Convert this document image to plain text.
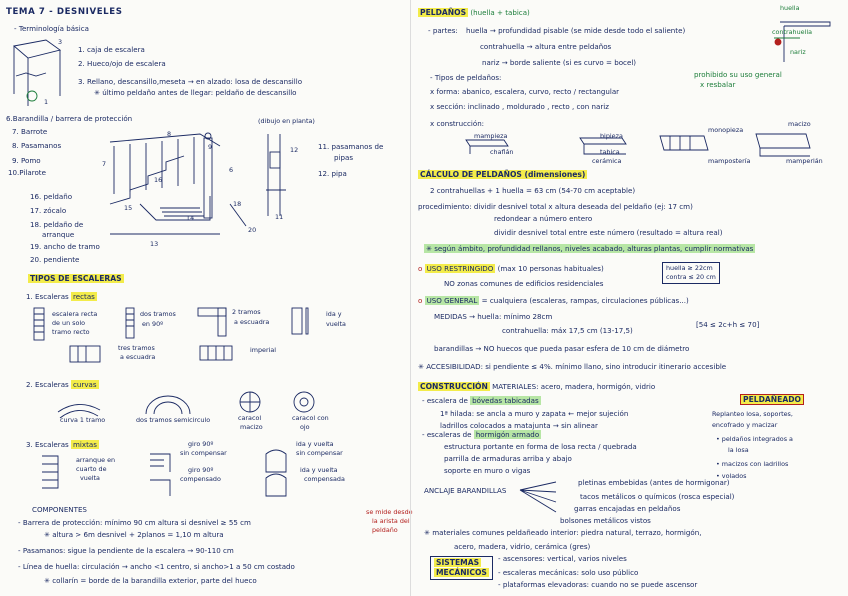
TEMA 7 - DESNIVELES
- Terminología básica
3
1
1. caja de escalera
2. Hueco/ojo de escalera
3. Rellano, descansillo,meseta → en alzado: losa de descansillo
✳ último peldaño antes de llegar: peldaño de descansillo
6.Barandilla / barrera de protección
7. Barrote
8. Pasamanos
9. Pomo
10.Pilarote
(dibujo en planta)
8
9
7
16
6
15
14
18
13
20
12
11
11. pasamanos de
pipas
12. pipa
16. peldaño
17. zócalo
18. peldaño de
arranque
19. ancho de tramo
20. pendiente
TIPOS DE ESCALERAS
1. Escaleras rectas
escalera recta
de un solo
tramo recto
dos tramos
en 90º
2 tramos
a escuadra
ida y
vuelta
tres tramos
a escuadra
imperial
2. Escaleras curvas
curva 1 tramo	dos tramos semicirculo	caracol
macizo
caracol con
ojo
3. Escaleras mixtas
arranque en
cuarto de
vuelta
giro 90º
sin compensar
giro 90º
compensado
ida y vuelta
sin compensar
ida y vuelta
compensada
COMPONENTES
- Barrera de protección: mínimo 90 cm altura si desnivel ≥ 55 cm
✳ altura > 6m desnivel + 2planos = 1,10 m altura
- Pasamanos: sigue la pendiente de la escalera → 90-110 cm
- Línea de huella: circulación → ancho <1 centro, si ancho>1 a 50 cm costado
✳ collarín = borde de la barandilla exterior, parte del hueco
se mide desde
la arista del
peldaño
PELDAÑOS (huella + tabica)	huella
contrahuella
nariz
- partes: huella → profundidad pisable (se mide desde todo el saliente)
contrahuella → altura entre peldaños
nariz → borde saliente (si es curvo = bocel)
prohibido su uso general
x resbalar
- Tipos de peldaños:
x forma: abanico, escalera, curvo, recto / rectangular
x sección: inclinado , moldurado , recto , con nariz
x construcción:
mampieza
chaflán
bipieza
tabica
cerámica
monopieza
mampostería
macizo
mamperlán
CÁLCULO DE PELDAÑOS (dimensiones)
2 contrahuellas + 1 huella = 63 cm (54-70 cm aceptable)
procedimiento: dividir desnivel total x altura deseada del peldaño (ej: 17 cm)
redondear a número entero
dividir desnivel total entre este número (resultado = altura real)
✳ según ámbito, profundidad rellanos, niveles acabado, alturas plantas, cumplir normativas
o USO RESTRINGIDO (max 10 personas habituales)	huella ≥ 22cm
contra ≤ 20 cm
NO zonas comunes de edificios residenciales
o USO GENERAL = cualquiera (escaleras, rampas, circulaciones públicas...)
MEDIDAS → huella: mínimo 28cm
contrahuella: máx 17,5 cm (13-17,5)
[54 ≤ 2c+h ≤ 70]
barandillas → NO huecos que pueda pasar esfera de 10 cm de diámetro
✳ ACCESIBILIDAD: si pendiente ≤ 4%. mínimo llano, sino introducir itinerario accesible
CONSTRUCCIÓN MATERIALES: acero, madera, hormigón, vidrio
- escalera de bóvedas tabicadas
1ª hilada: se ancla a muro y zapata ← mejor sujeción
ladrillos colocados a matajunta → sin alinear
- escaleras de hormigón armado
estructura portante en forma de losa recta / quebrada
parrilla de armaduras arriba y abajo
soporte en muro o vigas
PELDAÑEADO
Replanteo losa, soportes,
encofrado y macizar
• peldaños integrados a
la losa
• macizos con ladrillos
• volados
ANCLAJE BARANDILLAS
pletinas embebidas (antes de hormigonar)
tacos metálicos o químicos (rosca especial)
garras encajadas en peldaños
bolsones metálicos vistos
✳ materiales comunes peldañeado interior: piedra natural, terrazo, hormigón,
acero, madera, vidrio, cerámica (gres)
SISTEMAS
MECÁNICOS
- ascensores: vertical, varios niveles
- escaleras mecánicas: solo uso público
- plataformas elevadoras: cuando no se puede ascensor
